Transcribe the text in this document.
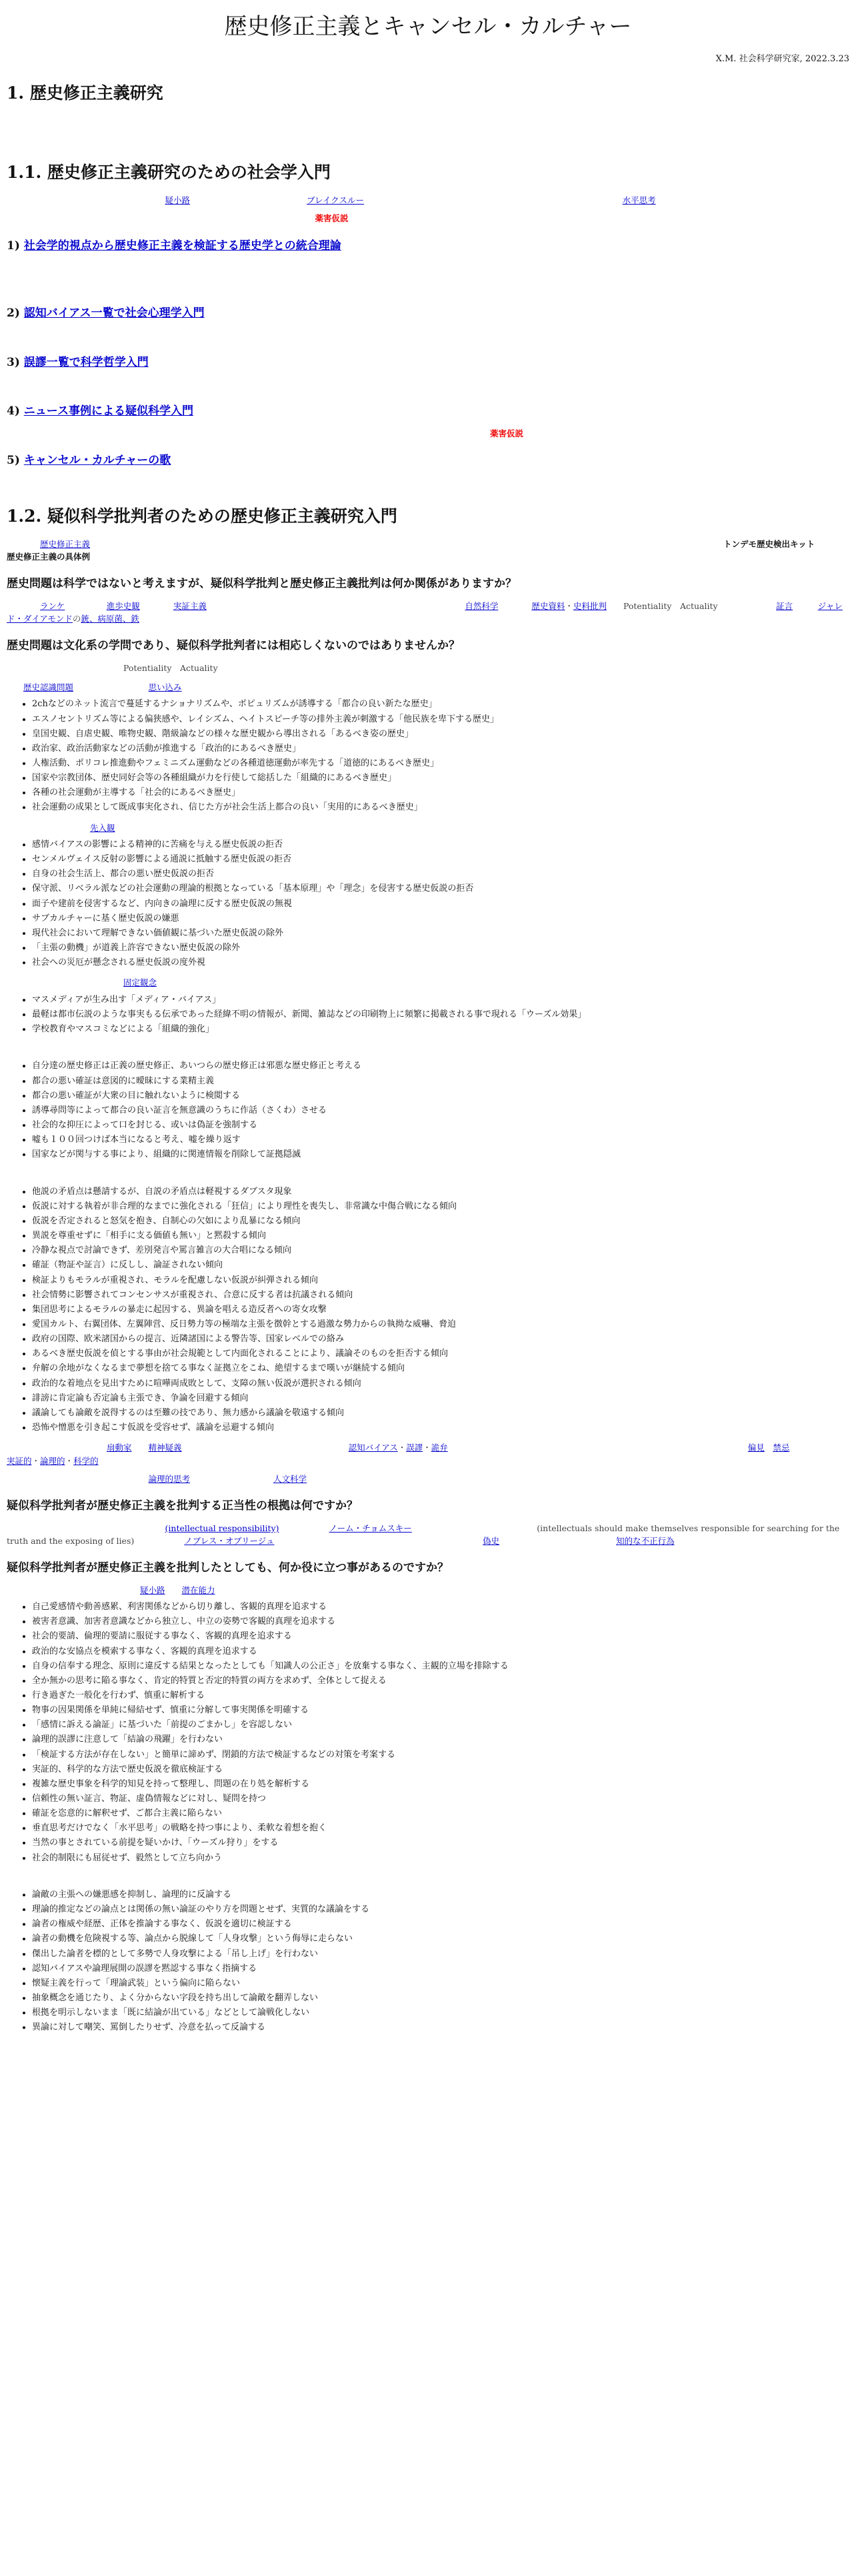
歴史修正主義とキャンセル・カルチャー
X.M. 社会科学研究家, 2022.3.23
1. 歴史修正主義研究

1.1. 歴史修正主義研究のための社会学入門

　　　　　　　　　　　　　　　　　疑小路　　　　　　　　　　　　　　	ブレイクスルー　　　　　　　　　　　　　　　　　　　　　　　　　　　　　　　	水平思考　　　　　　　　　　　　　　　　　　　　　　　　　　　　　　　　　　　　　

　　　　　　　　　　　　　　　　　　　　　　　　　　　　　　　　　　　薬害仮説　　　　　　　　　　　　　　　　　　　　　　　　　　　　　　　　　　　　　　　　　　

1) 社会学的視点から歴史修正主義を検証する歴史学との統合理論

2) 認知バイアス一覧で社会心理学入門

3) 誤謬一覧で科学哲学入門

4) ニュース事例による疑似科学入門

　　　　　　　　　　　　　　　　　　　　　　　　　　　　　　　　　　　　　　　　　　　　　　　　　　　　　　　　薬害仮説

5) キャンセル・カルチャーの歌

1.2. 疑似科学批判者のための歴史修正主義研究入門

　　歴史修正主義　　　　　　　　　　　　　　　　　　　　　　　　　　　　　　　　　　　　　　　　　　　　　　　　　　　　　　　　　　　　　　　　　　　　　　　　　　　　	トンデモ歴史検出キット　　　　　　　　歴史修正主義の具体例

歴史問題は科学ではないと考えますが、疑似科学批判と歴史修正主義批判は何か関係がありますか？

　　ランケ　　　　　	進歩史観　　　　	実証主義　　　　　　　　　　　　　　　　　　　　　　　　　　　　　　　	自然科学　　　　	歴史資料・史料批判　　 Potentiality　 Actuality　　　　　　　	証言　　　	ジャレド・ダイアモンドの銃、病原菌、鉄　　　　　　　　　　

歴史問題は文化系の学問であり、疑似科学批判者には相応しくないのではありませんか？

　　　　　　　　　　　　Potentiality　 Actuality　　　　　　　　　　　　　　　　　　　　　　　　　　

歴史認識問題　　　　　　　　　	思い込み　　　　　　　　　
• 2chなどのネット流言で蔓延するナショナリズムや、ポピュリズムが誘導する「都合の良い新たな歴史」
• エスノセントリズム等による偏狭感や、レイシズム、ヘイトスピーチ等の排外主義が刺激する「他民族を卑下する歴史」
• 皇国史観、自虐史観、唯物史観、階級論などの様々な歴史観から導出される「あるべき姿の歴史」
• 政治家、政治活動家などの活動が推進する「政治的にあるべき歴史」
• 人権活動、ポリコレ推進動やフェミニズム運動などの各種道徳運動が率先する「道徳的にあるべき歴史」
• 国家や宗教団体、歴史同好会等の各種組織が力を行使して総括した「組織的にあるべき歴史」
• 各種の社会運動が主導する「社会的にあるべき歴史」
• 社会運動の成果として既成事実化され、信じた方が社会生活上都合の良い「実用的にあるべき歴史」
　　　　　　　　先入観
• 感情バイアスの影響による精神的に苦痛を与える歴史仮説の拒否
• センメルヴェイス反射の影響による通説に抵触する歴史仮説の拒否
• 自身の社会生活上、都合の悪い歴史仮説の拒否
• 保守派、リベラル派などの社会運動の理論的根拠となっている「基本原理」や「理念」を侵害する歴史仮説の拒否
• 面子や建前を侵害するなど、内向きの論理に反する歴史仮説の無視
• サブカルチャーに基く歴史仮説の嫌悪
• 現代社会において理解できない価値観に基づいた歴史仮説の除外
• 「主張の動機」が道義上許容できない歴史仮説の除外
• 社会への災厄が懸念される歴史仮説の度外視
　　　　　　　　　　　　固定観念
• マスメディアが生み出す「メディア・バイアス」
• 最軽は都市伝説のような事実もる伝承であった経緯不明の情報が、新聞、雑誌などの印刷物上に頻繁に掲載される事で現れる「ウーズル効果」
• 学校教育やマスコミなどによる「組織的強化」

• 自分達の歴史修正は正義の歴史修正、あいつらの歴史修正は邪悪な歴史修正と考える
• 都合の悪い確証は意図的に曖昧にする業精主義
• 都合の悪い確証が大衆の目に触れないように検閲する
• 誘導尋問等によって都合の良い証言を無意識のうちに作話（さくわ）させる
• 社会的な抑圧によって口を封じる、或いは偽証を強制する
• 嘘も１００回つけば本当になると考え、嘘を繰り返す
• 国家などが関与する事により、組織的に関連情報を削除して証拠隠滅

• 他説の矛盾点は懸請するが、自説の矛盾点は軽視するダブスタ現象
• 仮説に対する執着が非合理的なまでに強化される「狂信」により理性を喪失し、非常識な中傷合戦になる傾向
• 仮説を否定されると怒気を抱き、自制心の欠如により乱暴になる傾向
• 異説を尊重せずに「相手に支る価値も無い」と黙殺する傾向
• 冷静な視点で討論できず、差別発言や罵言雑言の大合唱になる傾向
• 確証（物証や証言）に反しし、論証されない傾向
• 検証よりもモラルが重視され、モラルを配慮しない仮説が糾弾される傾向
• 社会情勢に影響されてコンセンサスが重視され、合意に反する者は抗議される傾向
• 集団思考によるモラルの暴走に起因する、異論を唱える造反者への寄女攻撃
• 愛国カルト、右翼団体、左翼陣営、反日勢力等の極端な主張を徴幹とする過激な勢力からの執拗な威嚇、脅迫
• 政府の国際、欧米諸国からの提言、近隣諸国による警告等、国家レベルでの絡み
• あるべき歴史仮説を偵とする事由が社会規範として内面化されることにより、議論そのものを拒否する傾向
• 弁解の余地がなくなるまで夢想を捨てる事なく証拠立をこね、絶望するまで嘆いが継続する傾向
• 政治的な着地点を見出すために喧嘩両成敗として、支障の無い仮説が選択される傾向
• 誹謗に肯定論も否定論も主張でき、争論を回避する傾向
• 議論しても論敵を説得するのは至難の技であり、無力感から議論を敬遠する傾向
• 恐怖や憎悪を引き起こす仮説を受容せず、議論を忌避する傾向

　　　　　　　　　　扇動家　　 精神疑義　　　　　　　　　　　　　　　　　　　　	認知バイアス・誤謬・詭弁　　　　　　　　　　　　　　　　　　　　　　　　　　　　　　　　　　　　	偏見　 禁忌　　　　　　　　　　　　　　　　　　　　　　　　　　　　　実証的・論理的・科学的　　　　　　　　

　　　　　　　　　　　　　　　論理的思考　　　　　　　　　　	人文科学　　　　　　　　　　　　　　　　　　　　　　　　　　　　　　　　　　　　　　　　　　　　

疑似科学批判者が歴史修正主義を批判する正当性の根拠は何ですか？

　　　　　　　　　　　　　　　　　(intellectual responsibility)　　　　　　	ノーム・チョムスキー　　　　　　　　　　　　　　　	(intellectuals should make themselves responsible for searching for the truth and the exposing of lies)　　　　　　	ノブレス・オブリージュ　　　　　　　　　　　　　　　　　　　　　　　　　	偽史　　　　　　　　　　　　　　	知的な不正行為　　　　　　　　　　　　　　　　　　　　　　　

疑似科学批判者が歴史修正主義を批判したとしても、何か役に立つ事があるのですか？
　　　　　　　　　　　　　　疑小路　　 潜在能力　　　　
• 自己愛感情や動善感累、利害関係などから切り離し、客観的真理を追求する
• 被害者意識、加害者意識などから独立し、中立の姿勢で客観的真理を追求する
• 社会的要請、倫理的要請に服従する事なく、客観的真理を追求する
• 政治的な安協点を模索する事なく、客観的真理を追求する
• 自身の信奉する理念、原則に違反する結果となったとしても「知識人の公正さ」を放棄する事なく、主観的立場を排除する
• 全か無かの思考に陥る事なく、肯定的特質と否定的特質の両方を求めず、全体として捉える
• 行き過ぎた一般化を行わず、慎重に解析する
• 物事の因果関係を単純に帰結せず、慎重に分解して事実関係を明確する
• 「感情に訴える論証」に基づいた「前提のごまかし」を容認しない
• 論理的誤謬に注意して「結論の飛躍」を行わない
• 「検証する方法が存在しない」と簡単に諦めず、閉鎖的方法で検証するなどの対策を考案する
• 実証的、科学的な方法で歴史仮説を徹底検証する
• 複雑な歴史事象を科学的知見を持って整理し、問題の在り処を解析する
• 信頼性の無い証言、物証、虚偽情報などに対し、疑問を持つ
• 確証を恣意的に解釈せず、ご都合主義に陥らない
• 垂直思考だけでなく「水平思考」の戦略を持つ事により、柔軟な着想を抱く
• 当然の事とされている前提を疑いかけ、「ウーズル狩り」をする
• 社会的制限にも屈従せず、毅然として立ち向かう

• 論敵の主張への嫌悪感を抑制し、論理的に反論する
• 理論的推定などの論点とは関係の無い論証のやり方を問題とせず、実質的な議論をする
• 論者の権威や経歴、正体を推論する事なく、仮説を適切に検証する
• 論者の動機を危険視する等、論点から脱線して「人身攻撃」という侮辱に走らない
• 傑出した論者を標的として多勢で人身攻撃による「吊し上げ」を行わない
• 認知バイアスや論理展開の誤謬を黙認する事なく指摘する
• 懐疑主義を行って「理論武装」という偏向に陥らない
• 抽象概念を通じたり、よく分からない字段を持ち出して論敵を翻弄しない
• 根拠を明示しないまま「既に結論が出ている」などとして論戦化しない
• 異論に対して嘲笑、罵倒したりせず、冷意を払って反論する
